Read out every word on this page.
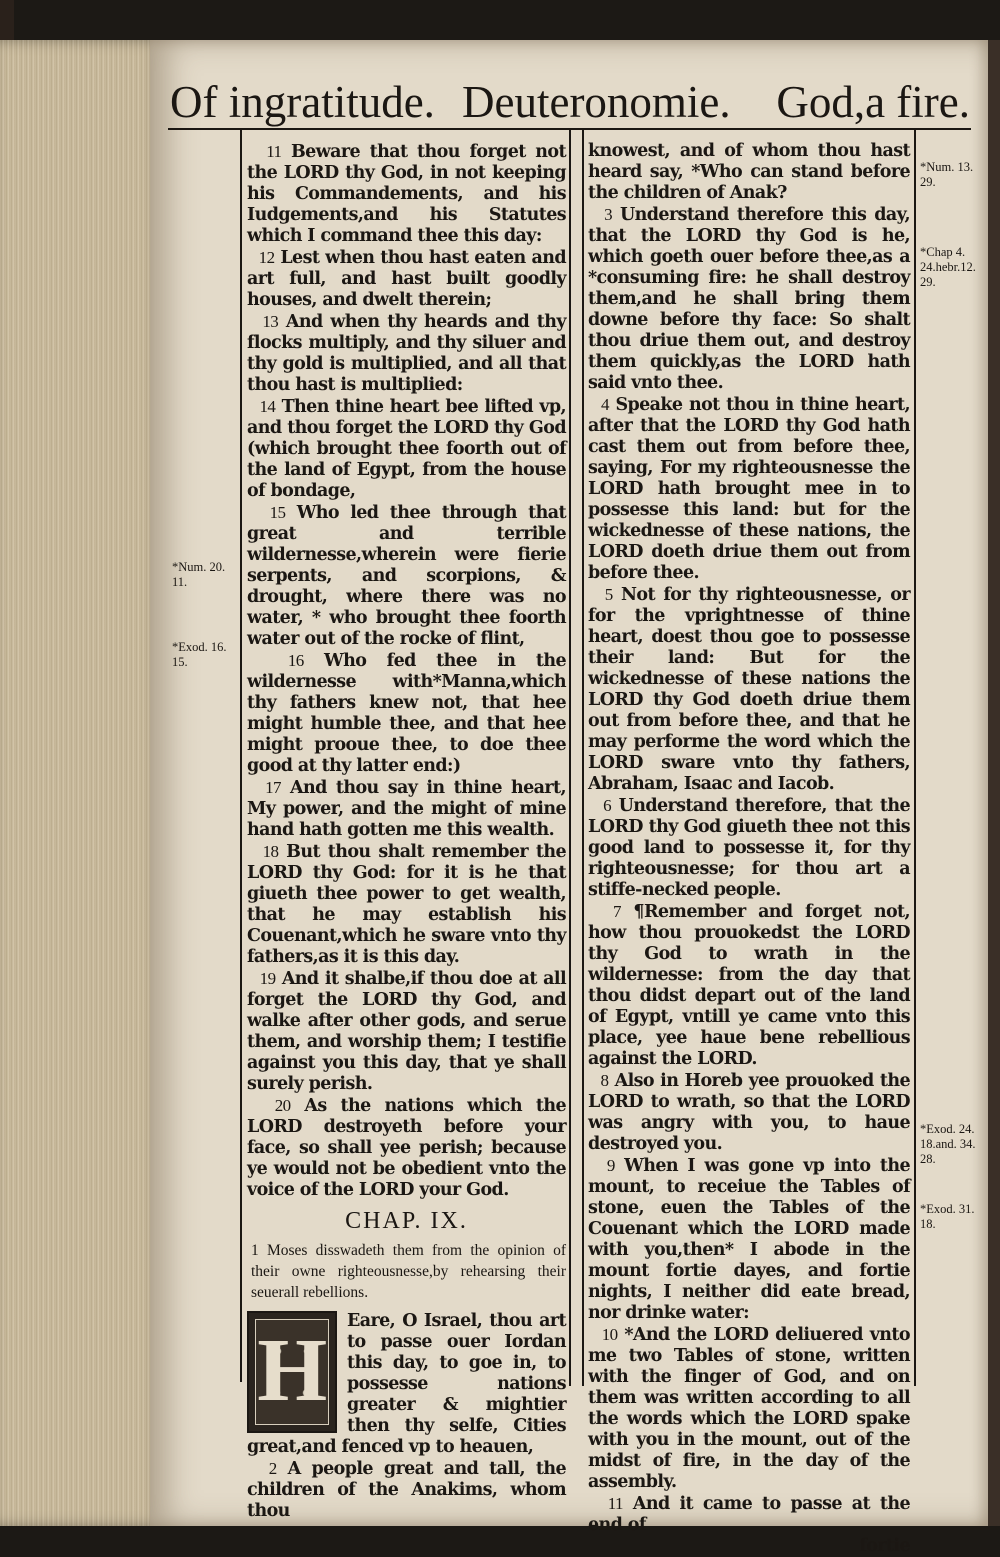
Of ingratitude. Deuteronomie. God,a fire.
*Num. 20. 11.
*Exod. 16. 15.
*Num. 13. 29.
*Chap 4. 24.hebr.12. 29.
*Exod. 24. 18.and. 34. 28.
*Exod. 31. 18.

11 Beware that thou forget not the LORD thy God, in not keeping his Commandements, and his Iudgements,and his Statutes which I command thee this day:

12 Lest when thou hast eaten and art full, and hast built goodly houses, and dwelt therein;

13 And when thy heards and thy flocks multiply, and thy siluer and thy gold is multiplied, and all that thou hast is multiplied:

14 Then thine heart bee lifted vp, and thou forget the LORD thy God (which brought thee foorth out of the land of Egypt, from the house of bondage,

15 Who led thee through that great and terrible wildernesse,wherein were fierie serpents, and scorpions, & drought, where there was no water, * who brought thee foorth water out of the rocke of flint,

16 Who fed thee in the wildernesse with*Manna,which thy fathers knew not, that hee might humble thee, and that hee might prooue thee, to doe thee good at thy latter end:)

17 And thou say in thine heart, My power, and the might of mine hand hath gotten me this wealth.

18 But thou shalt remember the LORD thy God: for it is he that giueth thee power to get wealth, that he may establish his Couenant,which he sware vnto thy fathers,as it is this day.

19 And it shalbe,if thou doe at all forget the LORD thy God, and walke after other gods, and serue them, and worship them; I testifie against you this day, that ye shall surely perish.

20 As the nations which the LORD destroyeth before your face, so shall yee perish; because ye would not be obedient vnto the voice of the LORD your God.

CHAP. IX.

1 Moses disswadeth them from the opinion of their owne righteousnesse,by rehearsing their seuerall rebellions.

H	Eare, O Israel, thou art to passe ouer Iordan this day, to goe in, to possesse nations greater & mightier then thy selfe, Cities great,and fenced vp to heauen,

2 A people great and tall, the children of the Anakims, whom thou

knowest, and of whom thou hast heard say, *Who can stand before the children of Anak?

3 Understand therefore this day, that the LORD thy God is he, which goeth ouer before thee,as a *consuming fire: he shall destroy them,and he shall bring them downe before thy face: So shalt thou driue them out, and destroy them quickly,as the LORD hath said vnto thee.

4 Speake not thou in thine heart, after that the LORD thy God hath cast them out from before thee, saying, For my righteousnesse the LORD hath brought mee in to possesse this land: but for the wickednesse of these nations, the LORD doeth driue them out from before thee.

5 Not for thy righteousnesse, or for the vprightnesse of thine heart, doest thou goe to possesse their land: But for the wickednesse of these nations the LORD thy God doeth driue them out from before thee, and that he may performe the word which the LORD sware vnto thy fathers, Abraham, Isaac and Iacob.

6 Understand therefore, that the LORD thy God giueth thee not this good land to possesse it, for thy righteousnesse; for thou art a stiffe-necked people.

7 ¶Remember and forget not, how thou prouokedst the LORD thy God to wrath in the wildernesse: from the day that thou didst depart out of the land of Egypt, vntill ye came vnto this place, yee haue bene rebellious against the LORD.

8 Also in Horeb yee prouoked the LORD to wrath, so that the LORD was angry with you, to haue destroyed you.

9 When I was gone vp into the mount, to receiue the Tables of stone, euen the Tables of the Couenant which the LORD made with you,then* I abode in the mount fortie dayes, and fortie nights, I neither did eate bread, nor drinke water:

10 *And the LORD deliuered vnto me two Tables of stone, written with the finger of God, and on them was written according to all the words which the LORD spake with you in the mount, out of the midst of fire, in the day of the assembly.

11 And it came to passe at the end of

fortie
